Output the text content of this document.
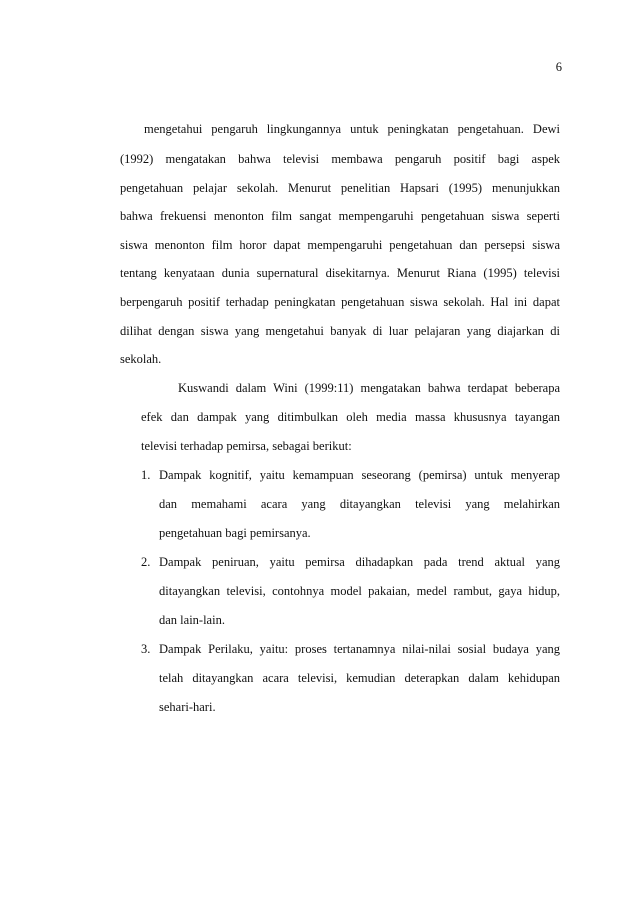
6
mengetahui pengaruh lingkungannya untuk peningkatan pengetahuan. Dewi
(1992) mengatakan bahwa televisi membawa pengaruh positif bagi aspek
pengetahuan pelajar sekolah. Menurut penelitian Hapsari (1995) menunjukkan
bahwa frekuensi menonton film sangat mempengaruhi pengetahuan siswa seperti
siswa menonton film horor dapat mempengaruhi pengetahuan dan persepsi siswa
tentang kenyataan dunia supernatural disekitarnya. Menurut Riana (1995) televisi
berpengaruh positif terhadap peningkatan pengetahuan siswa sekolah. Hal ini dapat
dilihat dengan siswa yang mengetahui banyak di luar pelajaran yang diajarkan di
sekolah.
Kuswandi dalam Wini (1999:11) mengatakan bahwa terdapat beberapa
efek dan dampak yang ditimbulkan oleh media massa khususnya tayangan
televisi terhadap pemirsa, sebagai berikut:
1. Dampak kognitif, yaitu kemampuan seseorang (pemirsa) untuk menyerap
dan memahami acara yang ditayangkan televisi yang melahirkan
pengetahuan bagi pemirsanya.
2. Dampak peniruan, yaitu pemirsa dihadapkan pada trend aktual yang
ditayangkan televisi, contohnya model pakaian, medel rambut, gaya hidup,
dan lain-lain.
3. Dampak Perilaku, yaitu: proses tertanamnya nilai-nilai sosial budaya yang
telah ditayangkan acara televisi, kemudian deterapkan dalam kehidupan
sehari-hari.
